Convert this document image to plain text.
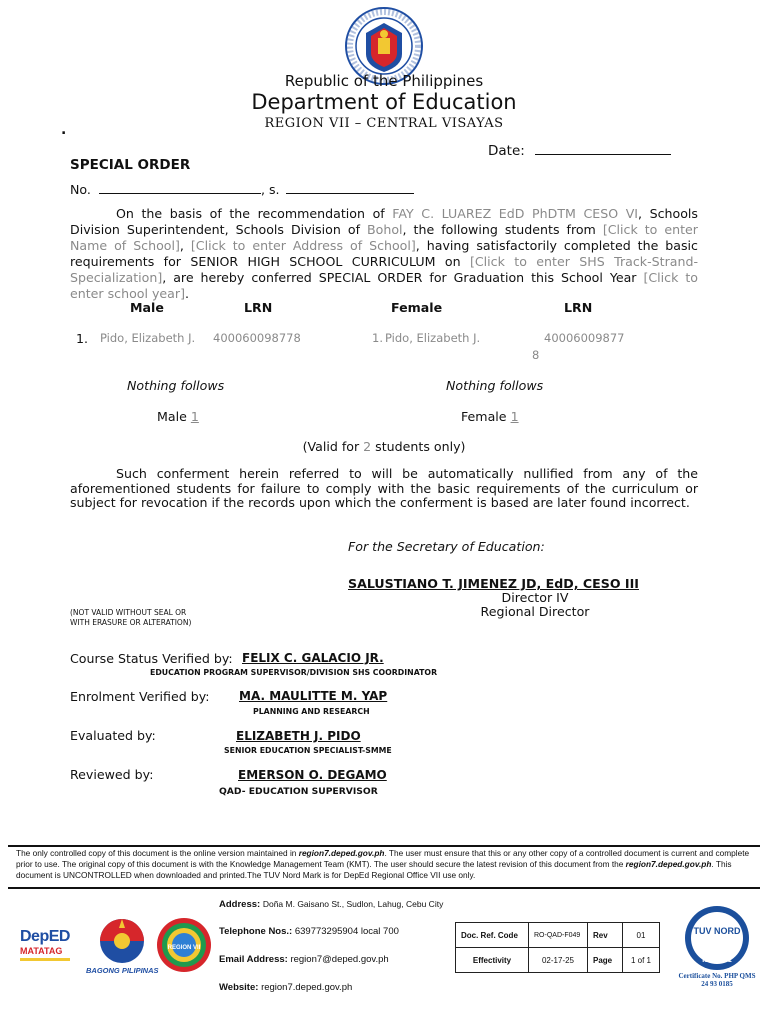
Republic of the Philippines
Department of Education
REGION VII – CENTRAL VISAYAS
.
Date:
SPECIAL ORDER
No.	, s.
On the basis of the recommendation of FAY C. LUAREZ EdD PhDTM CESO VI, Schools Division Superintendent, Schools Division of Bohol, the following students from [Click to enter Name of School], [Click to enter Address of School], having satisfactorily completed the basic requirements for SENIOR HIGH SCHOOL CURRICULUM on [Click to enter SHS Track-Strand-Specialization], are hereby conferred SPECIAL ORDER for Graduation this School Year [Click to enter school year].
Male	LRN	Female	LRN
1. Pido, Elizabeth J. 400060098778	1. Pido, Elizabeth J.	40006009877
8
Nothing follows	Nothing follows
Male 1	Female 1
(Valid for 2 students only)
Such conferment herein referred to will be automatically nullified from any of the aforementioned students for failure to comply with the basic requirements of the curriculum or subject for revocation if the records upon which the conferment is based are later found incorrect.
For the Secretary of Education:
SALUSTIANO T. JIMENEZ JD, EdD, CESO III
Director IV
Regional Director
(NOT VALID WITHOUT SEAL OR
WITH ERASURE OR ALTERATION)
Course Status Verified by: FELIX C. GALACIO JR.
EDUCATION PROGRAM SUPERVISOR/DIVISION SHS COORDINATOR
Enrolment Verified by: MA. MAULITTE M. YAP
PLANNING AND RESEARCH
Evaluated by:	ELIZABETH J. PIDO
SENIOR EDUCATION SPECIALIST-SMME
Reviewed by:	EMERSON O. DEGAMO
QAD- EDUCATION SUPERVISOR
The only controlled copy of this document is the online version maintained in region7.deped.gov.ph. The user must ensure that this or any other copy of a controlled document is current and complete prior to use. The original copy of this document is with the Knowledge Management Team (KMT). The user should secure the latest revision of this document from the region7.deped.gov.ph. This document is UNCONTROLLED when downloaded and printed.The TUV Nord Mark is for DepEd Regional Office VII use only.
DepED
MATATAG
BAGONG PILIPINAS
REGION VII
Address: Doña M. Gaisano St., Sudlon, Lahug, Cebu City
Telephone Nos.: 639773295904 local 700
Email Address: region7@deped.gov.ph
Website: region7.deped.gov.ph
Doc. Ref. Code	RO-QAD-F049	Rev	01
Effectivity	02-17-25	Page	1 of 1
TUV NORD
ISO 9001
Certificate No. PHP QMS
24 93 0185
